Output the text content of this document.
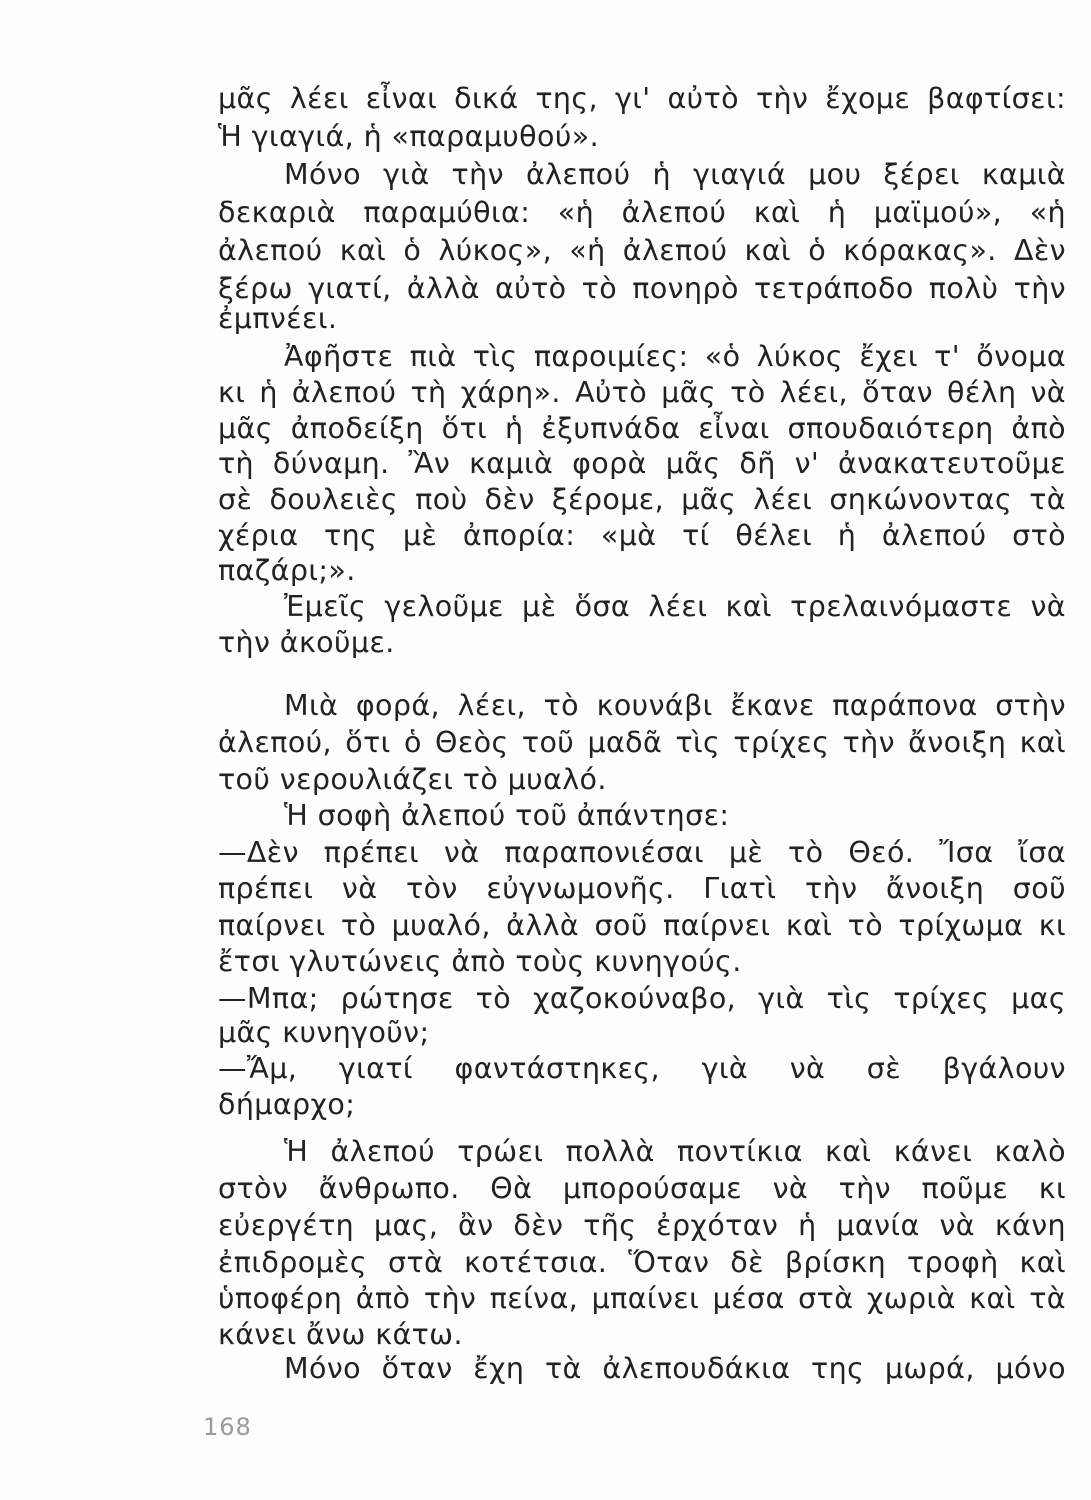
μᾶς λέει εἶναι δικά της, γι' αὐτὸ τὴν ἔχομε βαφτίσει:
Ἡ γιαγιά, ἡ «παραμυθού».
Μόνο γιὰ τὴν ἀλεπού ἡ γιαγιά μου ξέρει καμιὰ
δεκαριὰ παραμύθια: «ἡ ἀλεπού καὶ ἡ μαϊμού», «ἡ
ἀλεπού καὶ ὁ λύκος», «ἡ ἀλεπού καὶ ὁ κόρακας». Δὲν
ξέρω γιατί, ἀλλὰ αὐτὸ τὸ πονηρὸ τετράποδο πολὺ τὴν
ἐμπνέει.
Ἀφῆστε πιὰ τὶς παροιμίες: «ὁ λύκος ἔχει τ' ὄνομα
κι ἡ ἀλεπού τὴ χάρη». Αὐτὸ μᾶς τὸ λέει, ὅταν θέλη νὰ
μᾶς ἀποδείξη ὅτι ἡ ἐξυπνάδα εἶναι σπουδαιότερη ἀπὸ
τὴ δύναμη. Ἂν καμιὰ φορὰ μᾶς δῆ ν' ἀνακατευτοῦμε
σὲ δουλειὲς ποὺ δὲν ξέρομε, μᾶς λέει σηκώνοντας τὰ
χέρια της μὲ ἀπορία: «μὰ τί θέλει ἡ ἀλεπού στὸ
παζάρι;».
Ἐμεῖς γελοῦμε μὲ ὅσα λέει καὶ τρελαινόμαστε νὰ
τὴν ἀκοῦμε.
Μιὰ φορά, λέει, τὸ κουνάβι ἔκανε παράπονα στὴν
ἀλεπού, ὅτι ὁ Θεὸς τοῦ μαδᾶ τὶς τρίχες τὴν ἄνοιξη καὶ
τοῦ νερουλιάζει τὸ μυαλό.
Ἡ σοφὴ ἀλεπού τοῦ ἀπάντησε:
—Δὲν πρέπει νὰ παραπονιέσαι μὲ τὸ Θεό. Ἴσα ἴσα
πρέπει νὰ τὸν εὐγνωμονῆς. Γιατὶ τὴν ἄνοιξη σοῦ
παίρνει τὸ μυαλό, ἀλλὰ σοῦ παίρνει καὶ τὸ τρίχωμα κι
ἔτσι γλυτώνεις ἀπὸ τοὺς κυνηγούς.
—Μπα; ρώτησε τὸ χαζοκούναβο, γιὰ τὶς τρίχες μας
μᾶς κυνηγοῦν;
—Ἄμ, γιατί φαντάστηκες, γιὰ νὰ σὲ βγάλουν
δήμαρχο;
Ἡ ἀλεπού τρώει πολλὰ ποντίκια καὶ κάνει καλὸ
στὸν ἄνθρωπο. Θὰ μπορούσαμε νὰ τὴν ποῦμε κι
εὐεργέτη μας, ἂν δὲν τῆς ἐρχόταν ἡ μανία νὰ κάνη
ἐπιδρομὲς στὰ κοτέτσια. Ὅταν δὲ βρίσκη τροφὴ καὶ
ὑποφέρη ἀπὸ τὴν πείνα, μπαίνει μέσα στὰ χωριὰ καὶ τὰ
κάνει ἄνω κάτω.
Μόνο ὅταν ἔχη τὰ ἀλεπουδάκια της μωρά, μόνο
168
